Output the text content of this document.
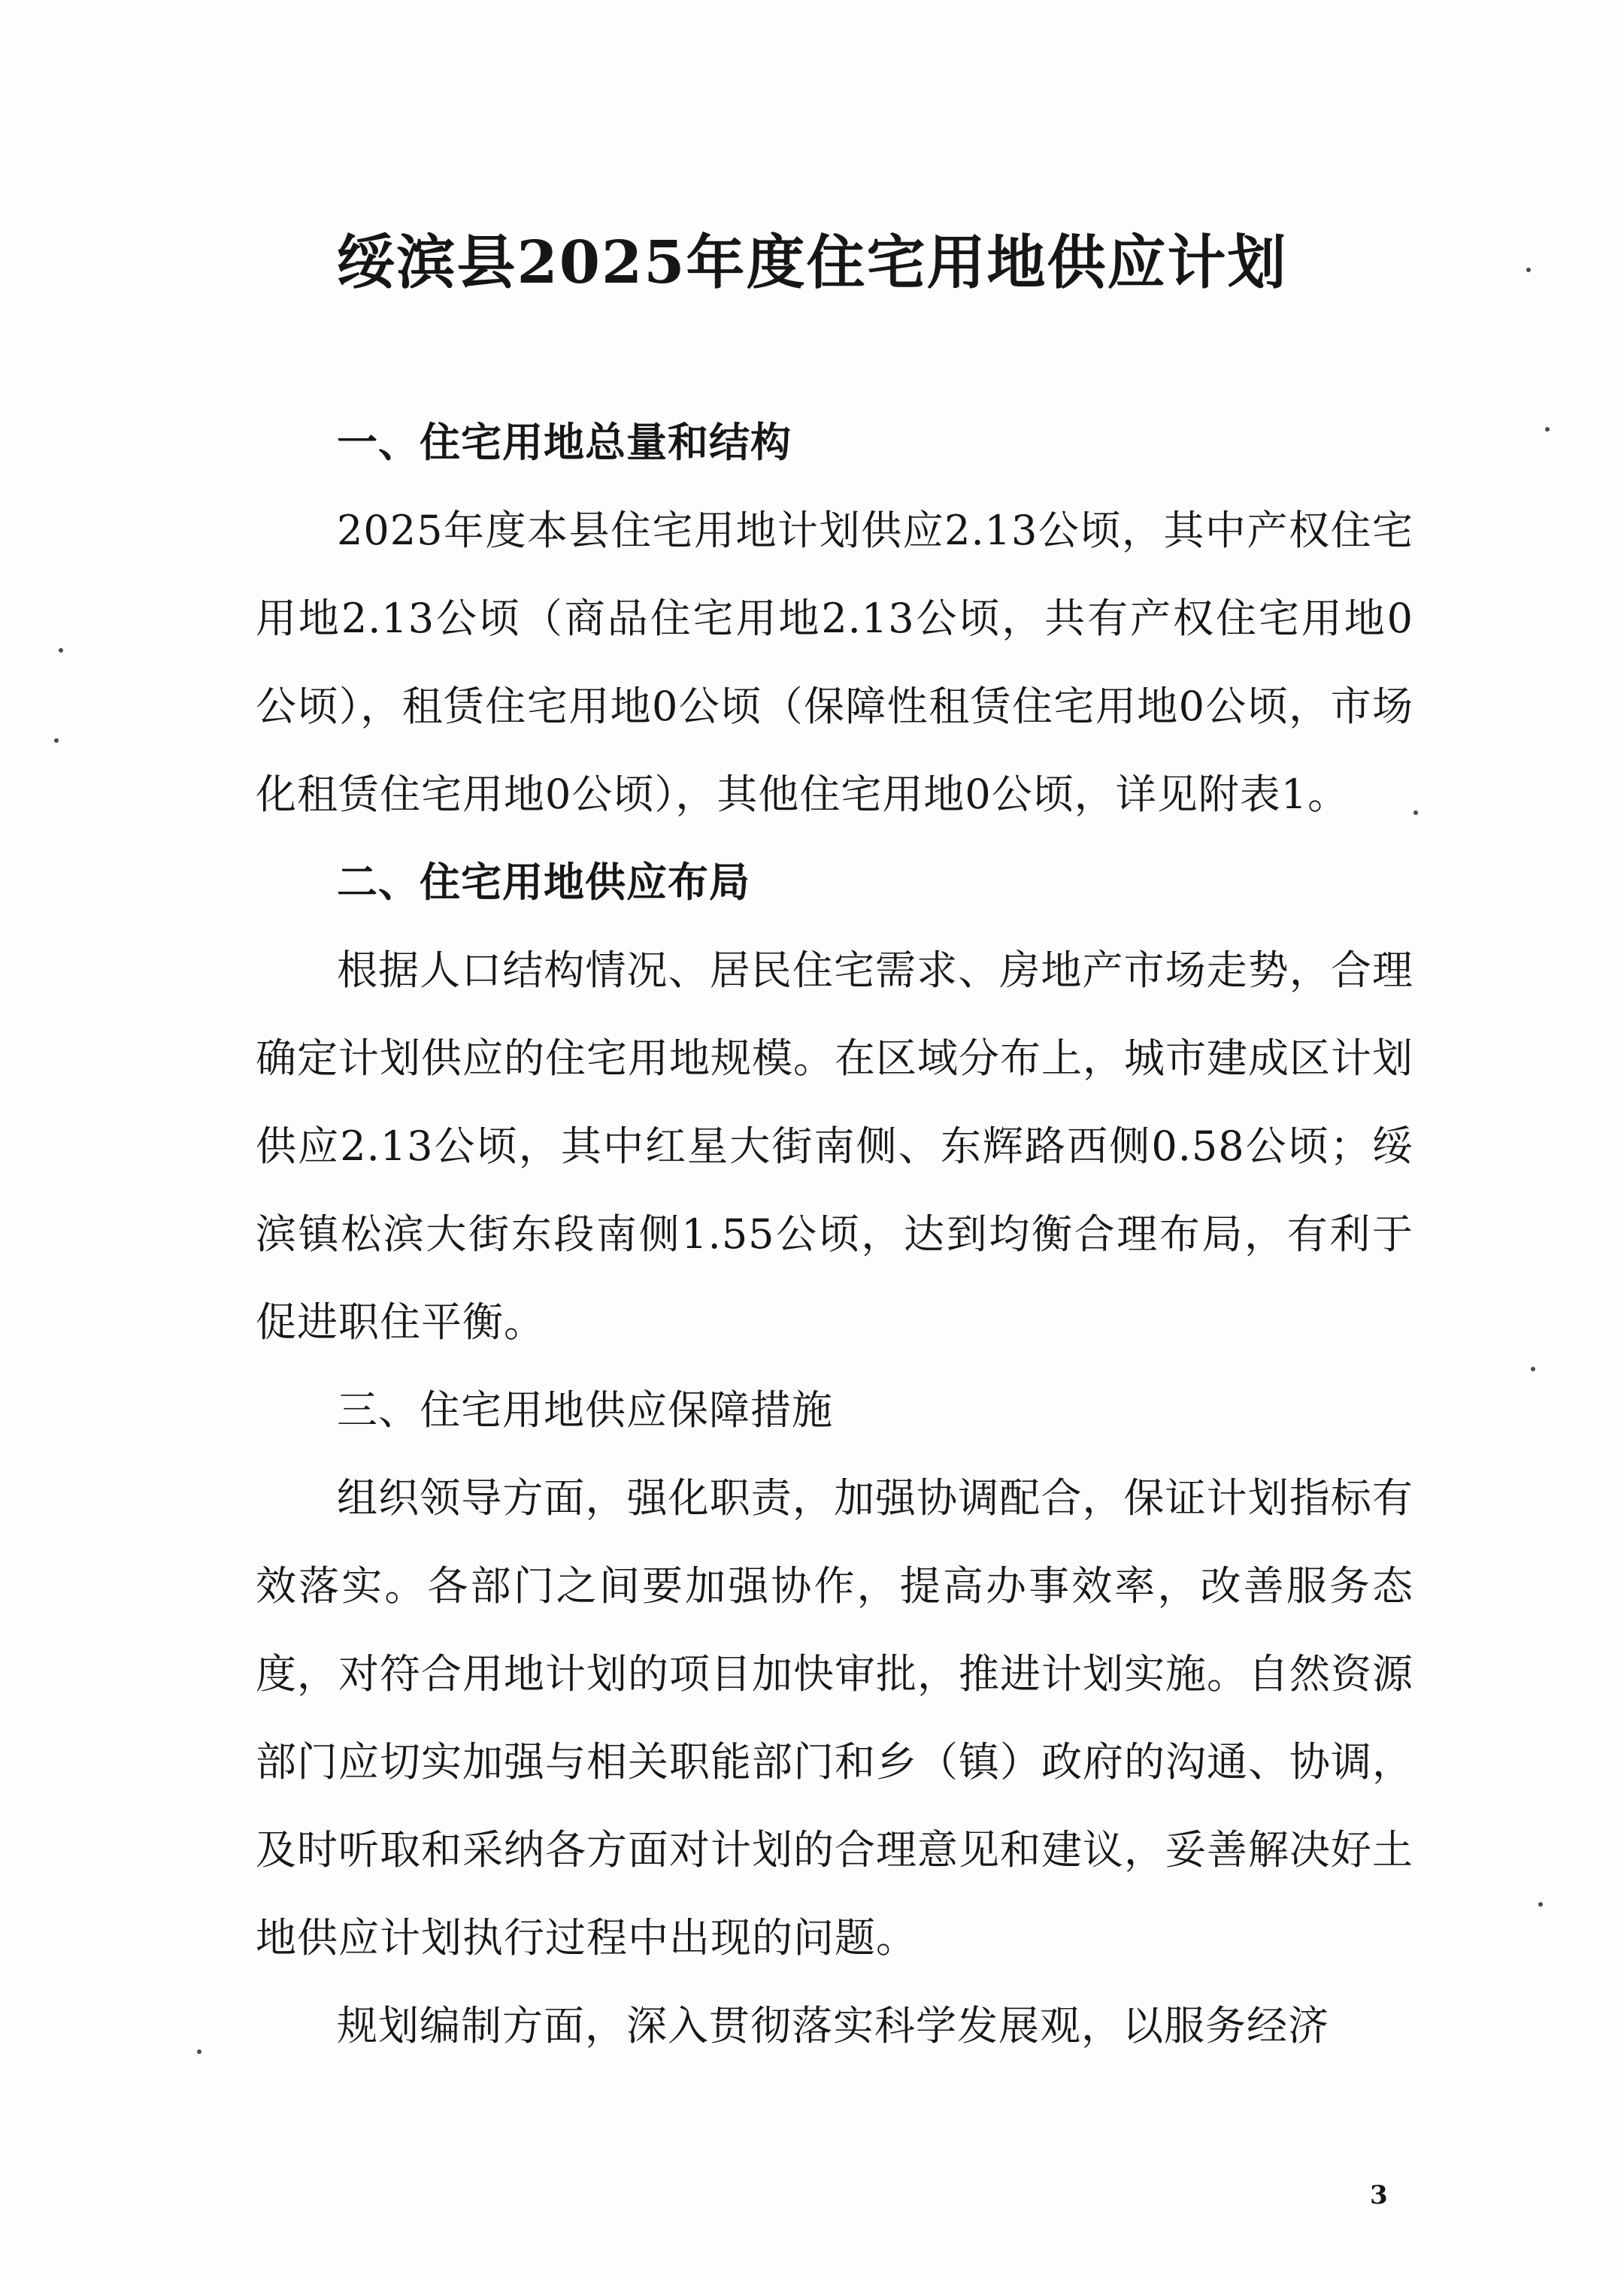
绥滨县2025年度住宅用地供应计划

一、住宅用地总量和结构

2025年度本县住宅用地计划供应2.13公顷，其中产权住宅用地2.13公顷（商品住宅用地2.13公顷，共有产权住宅用地0公顷），租赁住宅用地0公顷（保障性租赁住宅用地0公顷，市场化租赁住宅用地0公顷），其他住宅用地0公顷，详见附表1。

二、住宅用地供应布局

根据人口结构情况、居民住宅需求、房地产市场走势，合理确定计划供应的住宅用地规模。在区域分布上，城市建成区计划供应2.13公顷，其中红星大街南侧、东辉路西侧0.58公顷；绥滨镇松滨大街东段南侧1.55公顷，达到均衡合理布局，有利于促进职住平衡。

三、住宅用地供应保障措施

组织领导方面，强化职责，加强协调配合，保证计划指标有效落实。各部门之间要加强协作，提高办事效率，改善服务态度，对符合用地计划的项目加快审批，推进计划实施。自然资源部门应切实加强与相关职能部门和乡（镇）政府的沟通、协调，及时听取和采纳各方面对计划的合理意见和建议，妥善解决好土地供应计划执行过程中出现的问题。

规划编制方面，深入贯彻落实科学发展观，以服务经济

3
